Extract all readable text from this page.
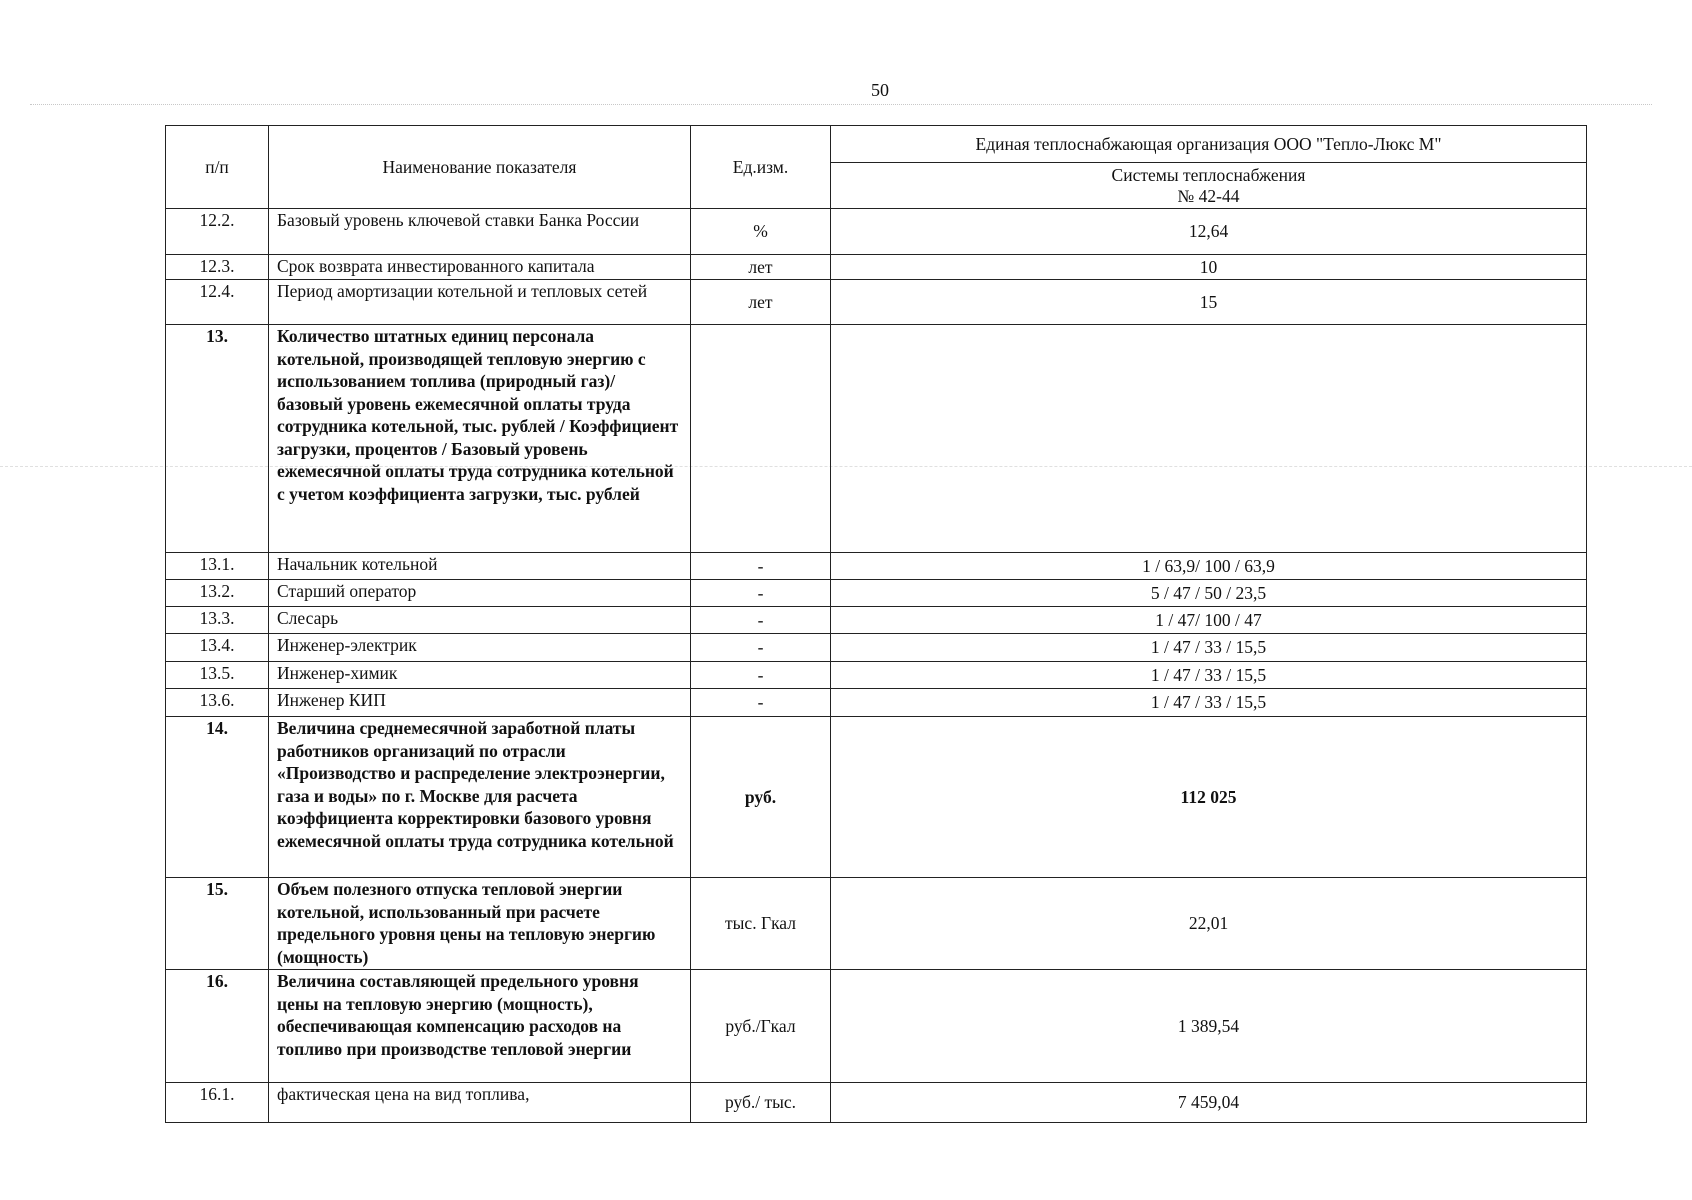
50
п/п	Наименование показателя	Ед.изм.	Единая теплоснабжающая организация ООО "Тепло-Люкс М"

			Системы теплоснабжения
№ 42-44

12.2.	Базовый уровень ключевой ставки Банка России	%	12,64
12.3.	Срок возврата инвестированного капитала	лет	10
12.4.	Период амортизации котельной и тепловых сетей	лет	15
13.	Количество штатных единиц персонала котельной, производящей тепловую энергию с использованием топлива (природный газ)/ базовый уровень ежемесячной оплаты труда сотрудника котельной, тыс. рублей / Коэффициент загрузки, процентов / Базовый уровень ежемесячной оплаты труда сотрудника котельной с учетом коэффициента загрузки, тыс. рублей		
13.1.	Начальник котельной	-	1 / 63,9/ 100 / 63,9
13.2.	Старший оператор	-	5 / 47 / 50 / 23,5
13.3.	Слесарь	-	1 / 47/ 100 / 47
13.4.	Инженер-электрик	-	1 / 47 / 33 / 15,5
13.5.	Инженер-химик	-	1 / 47 / 33 / 15,5
13.6.	Инженер КИП	-	1 / 47 / 33 / 15,5
14.	Величина среднемесячной заработной платы работников организаций по отрасли «Производство и распределение электроэнергии, газа и воды» по г. Москве для расчета коэффициента корректировки базового уровня ежемесячной оплаты труда сотрудника котельной	руб.	112 025
15.	Объем полезного отпуска тепловой энергии котельной, использованный при расчете предельного уровня цены на тепловую энергию (мощность)	тыс. Гкал	22,01
16.	Величина составляющей предельного уровня цены на тепловую энергию (мощность), обеспечивающая компенсацию расходов на топливо при производстве тепловой энергии	руб./Гкал	1 389,54
16.1.	фактическая цена на вид топлива,	руб./ тыс.	7 459,04
